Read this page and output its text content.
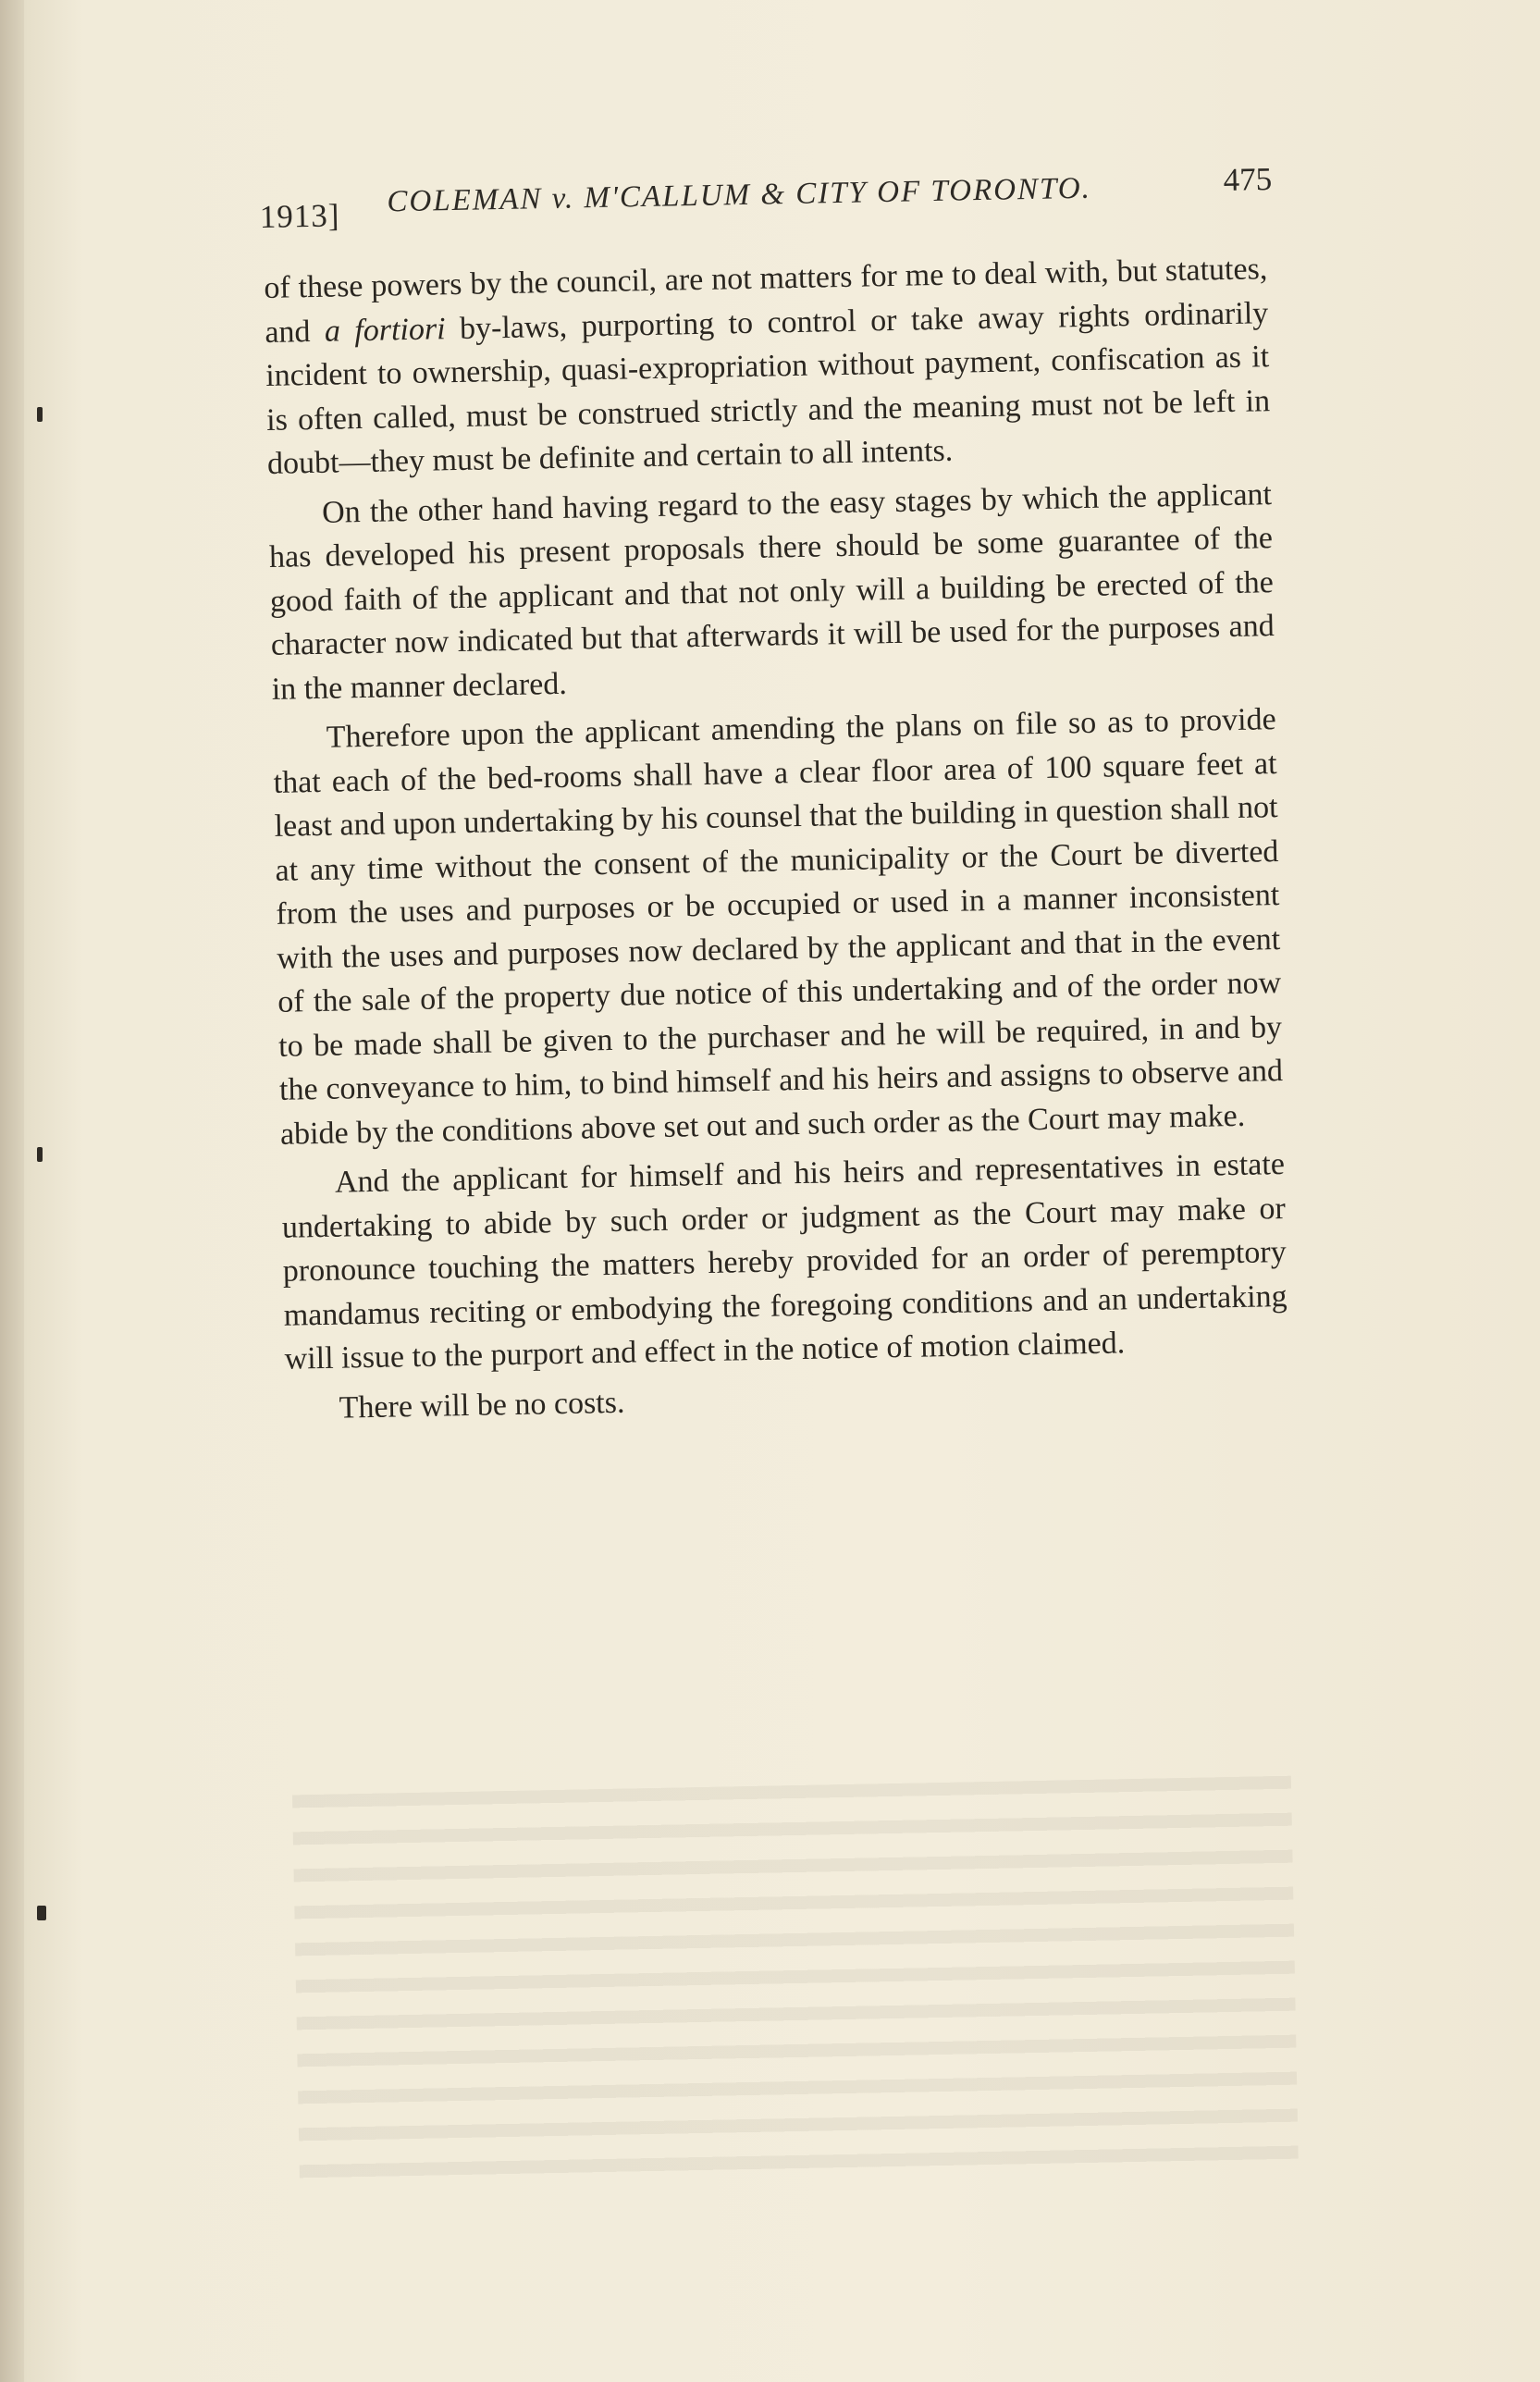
1913] COLEMAN v. M'CALLUM & CITY OF TORONTO.	475

of these powers by the council, are not matters for me to deal with, but statutes, and a fortiori by-laws, purporting to control or take away rights ordinarily incident to ownership, quasi-expropriation without payment, confiscation as it is often called, must be construed strictly and the meaning must not be left in doubt—they must be definite and certain to all intents.

On the other hand having regard to the easy stages by which the applicant has developed his present proposals there should be some guarantee of the good faith of the applicant and that not only will a building be erected of the character now indicated but that afterwards it will be used for the purposes and in the manner declared.

Therefore upon the applicant amending the plans on file so as to provide that each of the bed-rooms shall have a clear floor area of 100 square feet at least and upon undertaking by his counsel that the building in question shall not at any time without the consent of the municipality or the Court be diverted from the uses and purposes or be occupied or used in a manner inconsistent with the uses and purposes now declared by the applicant and that in the event of the sale of the property due notice of this undertaking and of the order now to be made shall be given to the purchaser and he will be required, in and by the conveyance to him, to bind himself and his heirs and assigns to observe and abide by the conditions above set out and such order as the Court may make.

And the applicant for himself and his heirs and representatives in estate undertaking to abide by such order or judgment as the Court may make or pronounce touching the matters hereby provided for an order of peremptory mandamus reciting or embodying the foregoing conditions and an undertaking will issue to the purport and effect in the notice of motion claimed.

There will be no costs.
